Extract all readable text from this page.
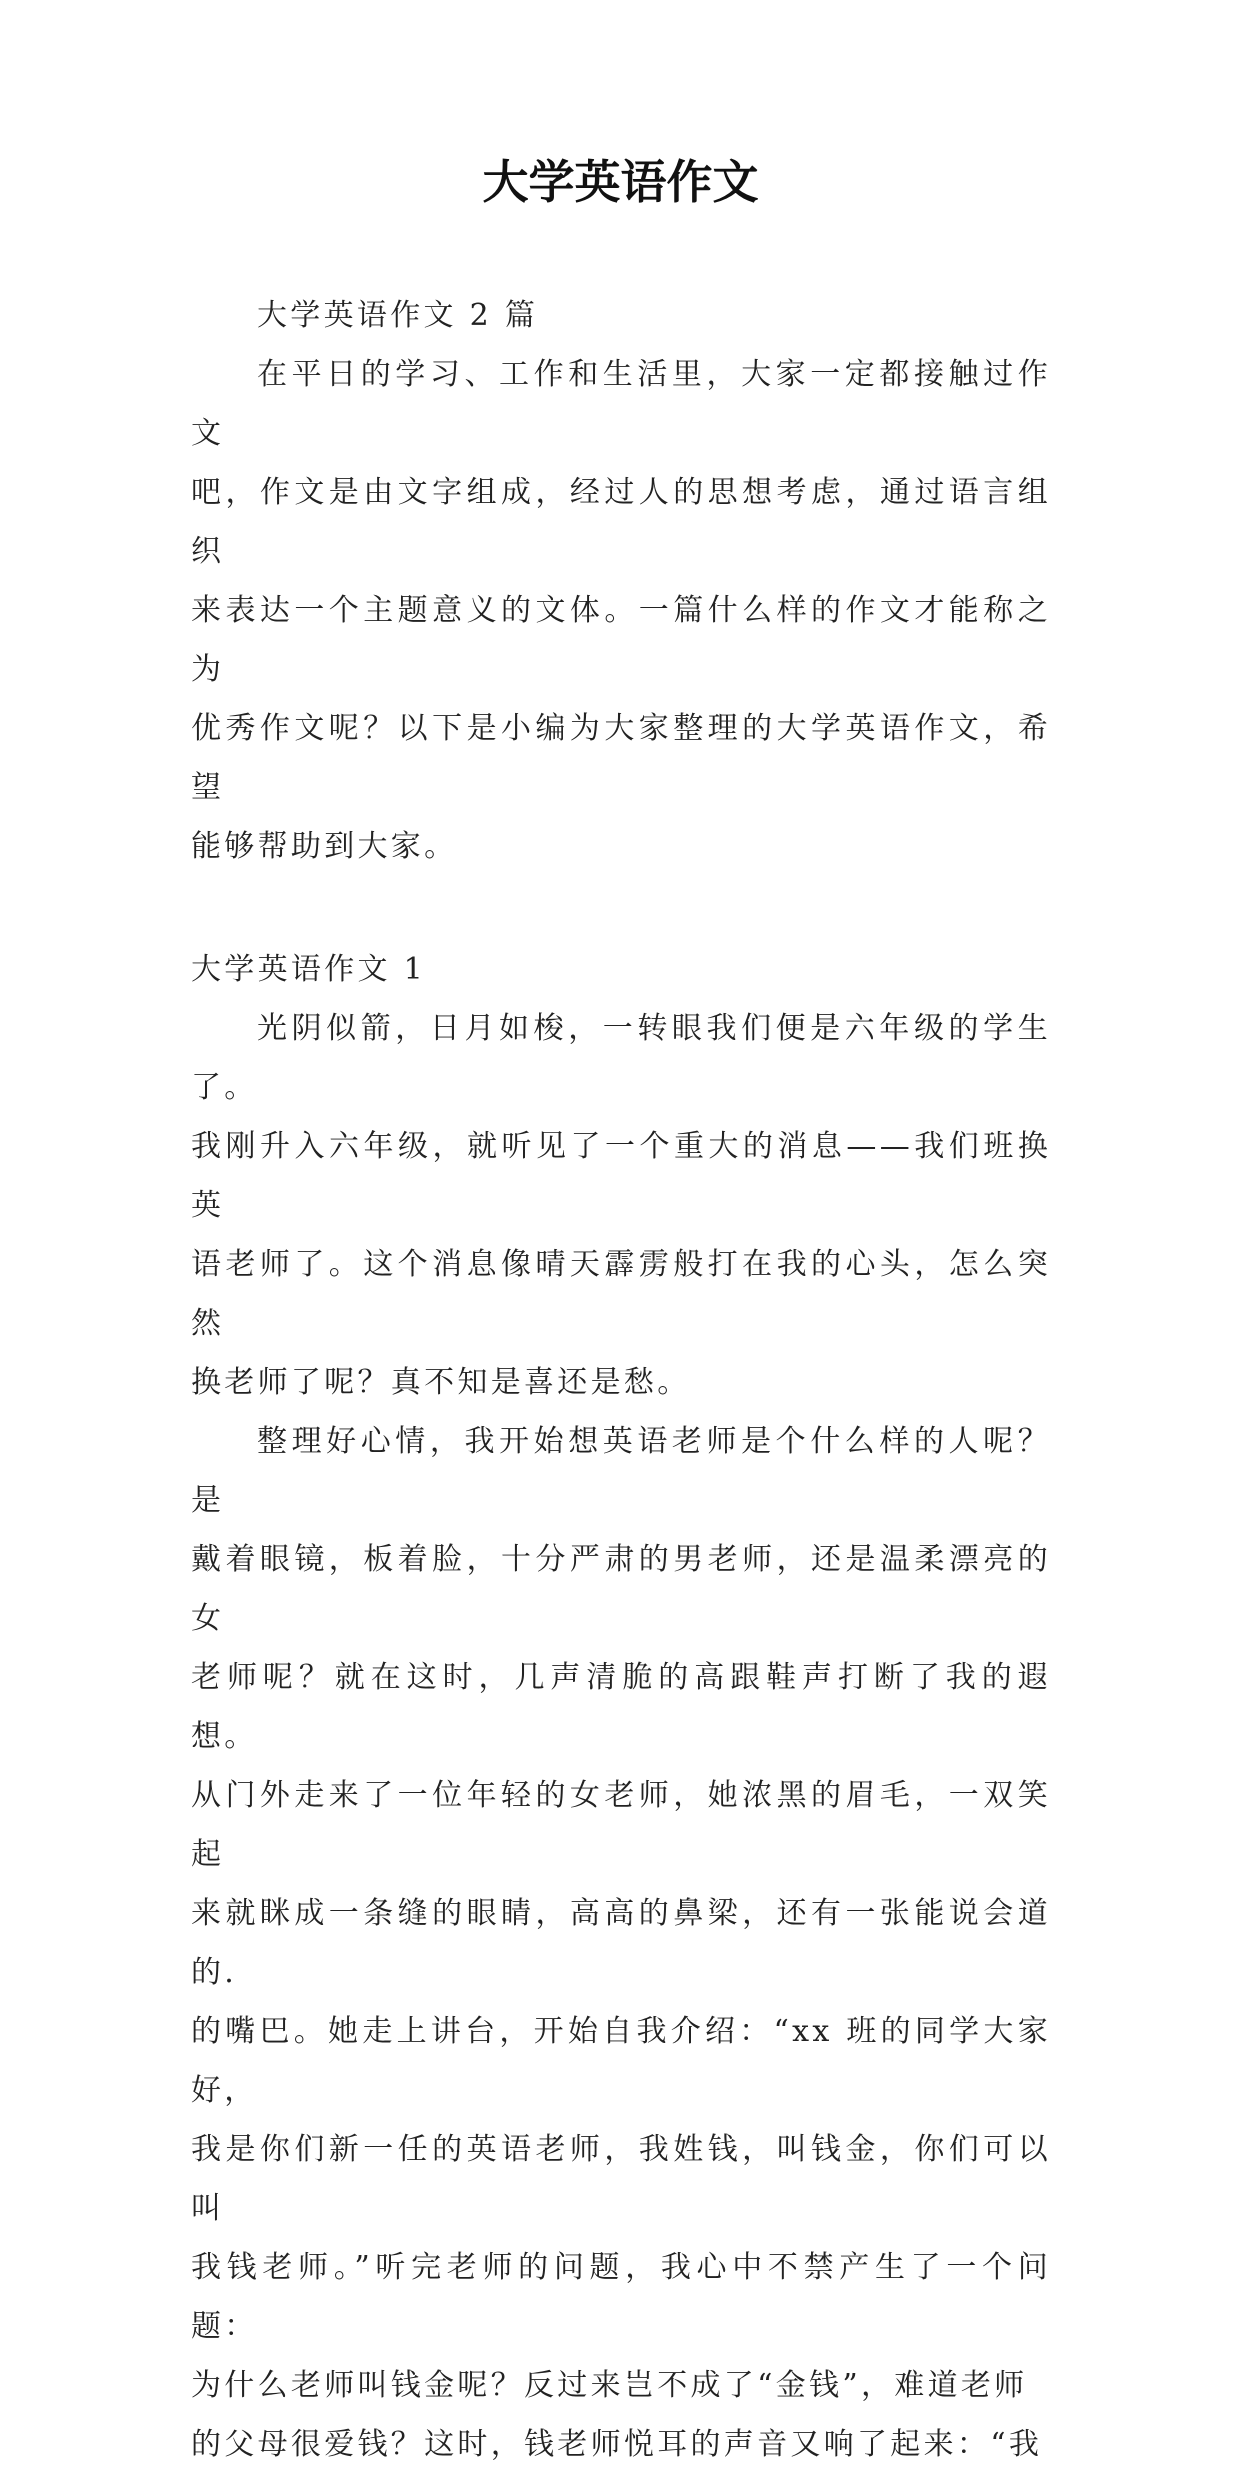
大学英语作文

大学英语作文 2 篇

在平日的学习、工作和生活里，大家一定都接触过作文
吧，作文是由文字组成，经过人的思想考虑，通过语言组织
来表达一个主题意义的文体。一篇什么样的作文才能称之为
优秀作文呢？以下是小编为大家整理的大学英语作文，希望
能够帮助到大家。

大学英语作文 1

光阴似箭，日月如梭，一转眼我们便是六年级的学生了。
我刚升入六年级，就听见了一个重大的消息——我们班换英
语老师了。这个消息像晴天霹雳般打在我的心头，怎么突然
换老师了呢？真不知是喜还是愁。

整理好心情，我开始想英语老师是个什么样的人呢？是
戴着眼镜，板着脸，十分严肃的男老师，还是温柔漂亮的女
老师呢？就在这时，几声清脆的高跟鞋声打断了我的遐想。
从门外走来了一位年轻的女老师，她浓黑的眉毛，一双笑起
来就眯成一条缝的眼睛，高高的鼻梁，还有一张能说会道的.
的嘴巴。她走上讲台，开始自我介绍：“xx 班的同学大家好，
我是你们新一任的英语老师，我姓钱，叫钱金，你们可以叫
我钱老师。”听完老师的问题，我心中不禁产生了一个问题：
为什么老师叫钱金呢？反过来岂不成了“金钱”，难道老师
的父母很爱钱？这时，钱老师悦耳的声音又响了起来：“我
